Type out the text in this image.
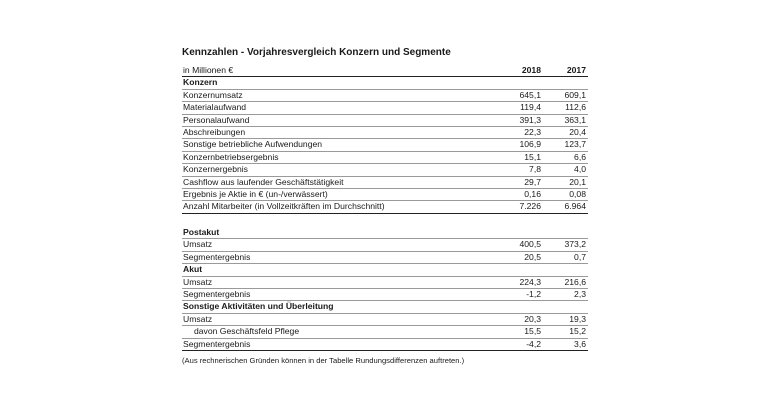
Kennzahlen - Vorjahresvergleich Konzern und Segmente
in Millionen €	2018	2017
Konzern		
Konzernumsatz	645,1	609,1
Materialaufwand	119,4	112,6
Personalaufwand	391,3	363,1
Abschreibungen	22,3	20,4
Sonstige betriebliche Aufwendungen	106,9	123,7
Konzernbetriebsergebnis	15,1	6,6
Konzernergebnis	7,8	4,0
Cashflow aus laufender Geschäftstätigkeit	29,7	20,1
Ergebnis je Aktie in € (un-/verwässert)	0,16	0,08
Anzahl Mitarbeiter (in Vollzeitkräften im Durchschnitt)	7.226	6.964

Postakut		
Umsatz	400,5	373,2
Segmentergebnis	20,5	0,7
Akut		
Umsatz	224,3	216,6
Segmentergebnis	-1,2	2,3
Sonstige Aktivitäten und Überleitung		
Umsatz	20,3	19,3
davon Geschäftsfeld Pflege	15,5	15,2
Segmentergebnis	-4,2	3,6
(Aus rechnerischen Gründen können in der Tabelle Rundungsdifferenzen auftreten.)
